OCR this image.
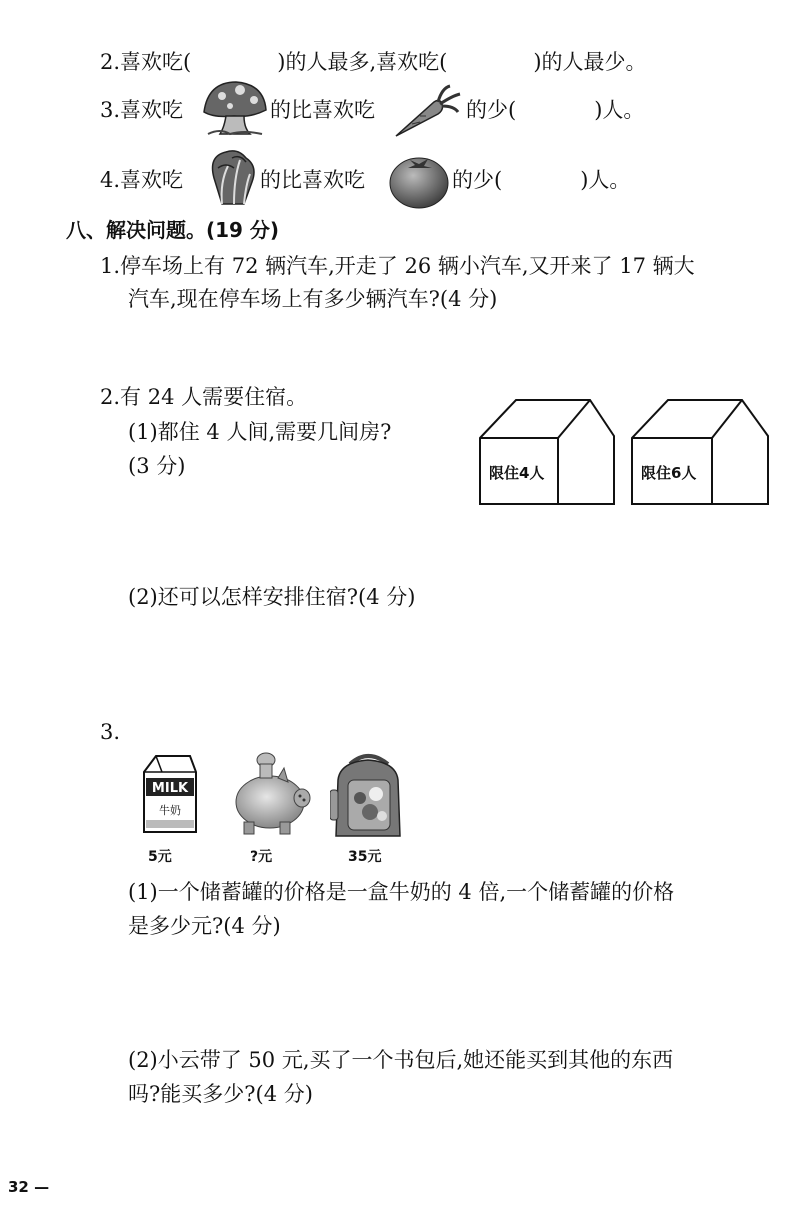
2.喜欢吃(	)的人最多,喜欢吃(	)的人最少。
3.喜欢吃	的比喜欢吃	的少(	)人。
4.喜欢吃	的比喜欢吃	的少(	)人。
八、解决问题。(19 分)
1.停车场上有 72 辆汽车,开走了 26 辆小汽车,又开来了 17 辆大
汽车,现在停车场上有多少辆汽车?(4 分)
2.有 24 人需要住宿。
(1)都住 4 人间,需要几间房?
(3 分)	限住4人	限住6人
(2)还可以怎样安排住宿?(4 分)
3.
MILK
牛奶
5元	?元	35元
(1)一个储蓄罐的价格是一盒牛奶的 4 倍,一个储蓄罐的价格
是多少元?(4 分)
(2)小云带了 50 元,买了一个书包后,她还能买到其他的东西
吗?能买多少?(4 分)
32 —
